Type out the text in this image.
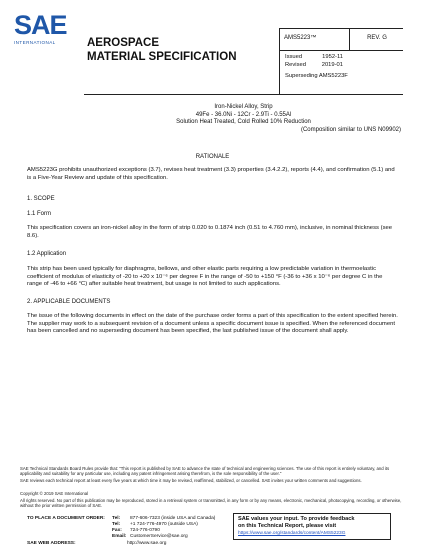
SAE
INTERNATIONAL	AEROSPACE
MATERIAL SPECIFICATION
AMS5223™	REV. G
Issued	1952-11
Revised	2019-01
Superseding AMS5223F
Iron-Nickel Alloy, Strip
49Fe - 36.0Ni - 12Cr - 2.9Ti - 0.55Al
Solution Heat Treated, Cold Rolled 10% Reduction
(Composition similar to UNS N09902)
RATIONALE
AMS5223G prohibits unauthorized exceptions (3.7), revises heat treatment (3.3) properties (3.4.2.2), reports (4.4), and confirmation (5.1) and is a Five-Year Review and update of this specification.
1. SCOPE
1.1 Form
This specification covers an iron-nickel alloy in the form of strip 0.020 to 0.1874 inch (0.51 to 4.760 mm), inclusive, in nominal thickness (see 8.6).
1.2 Application
This strip has been used typically for diaphragms, bellows, and other elastic parts requiring a low predictable variation in thermoelastic coefficient of modulus of elasticity of -20 to +20 x 10⁻⁶ per degree F in the range of -50 to +150 °F (-36 to +36 x 10⁻⁶ per degree C in the range of -46 to +66 °C) after suitable heat treatment, but usage is not limited to such applications.
2. APPLICABLE DOCUMENTS
The issue of the following documents in effect on the date of the purchase order forms a part of this specification to the extent specified herein. The supplier may work to a subsequent revision of a document unless a specific document issue is specified. When the referenced document has been cancelled and no superseding document has been specified, the last published issue of the document shall apply.
SAE Technical Standards Board Rules provide that: "This report is published by SAE to advance the state of technical and engineering sciences. The use of this report is entirely voluntary, and its applicability and suitability for any particular use, including any patent infringement arising therefrom, is the sole responsibility of the user."
SAE reviews each technical report at least every five years at which time it may be revised, reaffirmed, stabilized, or cancelled. SAE invites your written comments and suggestions.
Copyright © 2019 SAE International
All rights reserved. No part of this publication may be reproduced, stored in a retrieval system or transmitted, in any form or by any means, electronic, mechanical, photocopying, recording, or otherwise, without the prior written permission of SAE.
TO PLACE A DOCUMENT ORDER: Tel: 877-606-7323 (inside USA and Canada)
Tel: +1 724-776-4970 (outside USA)
Fax: 724-776-0790
Email: CustomerService@sae.org
SAE WEB ADDRESS:	http://www.sae.org
SAE values your input. To provide feedback
on this Technical Report, please visit
https://www.sae.org/standards/content/AMS5223G
